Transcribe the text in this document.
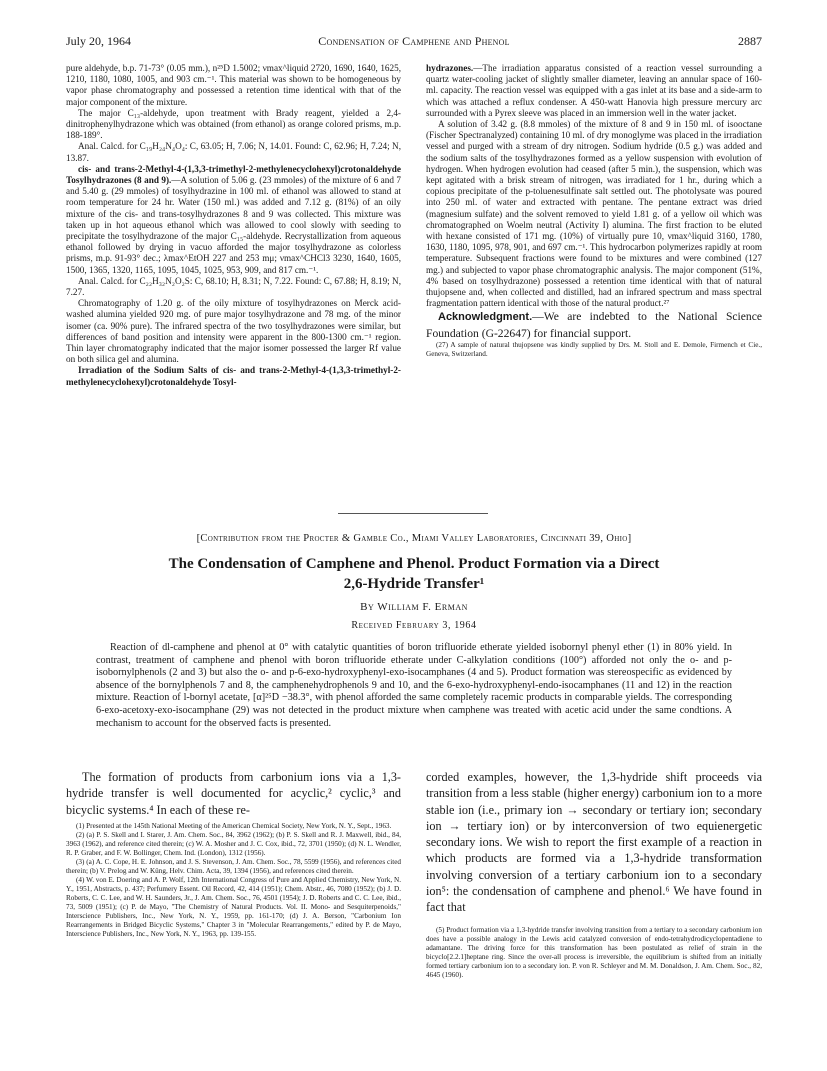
July 20, 1964	Condensation of Camphene and Phenol	2887

pure aldehyde, b.p. 71-73° (0.05 mm.), n²⁵D 1.5002; νmax^liquid 2720, 1690, 1640, 1625, 1210, 1180, 1080, 1005, and 903 cm.⁻¹. This material was shown to be homogeneous by vapor phase chromatography and possessed a retention time identical with that of the major component of the mixture.

The major C₁₃-aldehyde, upon treatment with Brady reagent, yielded a 2,4-dinitrophenylhydrazone which was obtained (from ethanol) as orange colored prisms, m.p. 188-189°.

Anal. Calcd. for C₁₉H₂₄N₄O₄: C, 63.05; H, 7.06; N, 14.01. Found: C, 62.96; H, 7.24; N, 13.87.

cis- and trans-2-Methyl-4-(1,3,3-trimethyl-2-methylenecyclohexyl)crotonaldehyde Tosylhydrazones (8 and 9).—A solution of 5.06 g. (23 mmoles) of the mixture of 6 and 7 and 5.40 g. (29 mmoles) of tosylhydrazine in 100 ml. of ethanol was allowed to stand at room temperature for 24 hr. Water (150 ml.) was added and 7.12 g. (81%) of an oily mixture of the cis- and trans-tosylhydrazones 8 and 9 was collected. This mixture was taken up in hot aqueous ethanol which was allowed to cool slowly with seeding to precipitate the tosylhydrazone of the major C₁₅-aldehyde. Recrystallization from aqueous ethanol followed by drying in vacuo afforded the major tosylhydrazone as colorless prisms, m.p. 91-93° dec.; λmax^EtOH 227 and 253 mμ; νmax^CHCl3 3230, 1640, 1605, 1500, 1365, 1320, 1165, 1095, 1045, 1025, 953, 909, and 817 cm.⁻¹.

Anal. Calcd. for C₂₂H₃₂N₂O₂S: C, 68.10; H, 8.31; N, 7.22. Found: C, 67.88; H, 8.19; N, 7.27.

Chromatography of 1.20 g. of the oily mixture of tosylhydrazones on Merck acid-washed alumina yielded 920 mg. of pure major tosylhydrazone and 78 mg. of the minor isomer (ca. 90% pure). The infrared spectra of the two tosylhydrazones were similar, but differences of band position and intensity were apparent in the 800-1300 cm.⁻¹ region. Thin layer chromatography indicated that the major isomer possessed the larger Rf value on both silica gel and alumina.

Irradiation of the Sodium Salts of cis- and trans-2-Methyl-4-(1,3,3-trimethyl-2-methylenecyclohexyl)crotonaldehyde Tosyl-

hydrazones.—The irradiation apparatus consisted of a reaction vessel surrounding a quartz water-cooling jacket of slightly smaller diameter, leaving an annular space of 160-ml. capacity. The reaction vessel was equipped with a gas inlet at its base and a side-arm to which was attached a reflux condenser. A 450-watt Hanovia high pressure mercury arc surrounded with a Pyrex sleeve was placed in an immersion well in the water jacket.

A solution of 3.42 g. (8.8 mmoles) of the mixture of 8 and 9 in 150 ml. of isooctane (Fischer Spectranalyzed) containing 10 ml. of dry monoglyme was placed in the irradiation vessel and purged with a stream of dry nitrogen. Sodium hydride (0.5 g.) was added and the sodium salts of the tosylhydrazones formed as a yellow suspension with evolution of hydrogen. When hydrogen evolution had ceased (after 5 min.), the suspension, which was kept agitated with a brisk stream of nitrogen, was irradiated for 1 hr., during which a copious precipitate of the p-toluenesulfinate salt settled out. The photolysate was poured into 250 ml. of water and extracted with pentane. The pentane extract was dried (magnesium sulfate) and the solvent removed to yield 1.81 g. of a yellow oil which was chromatographed on Woelm neutral (Activity I) alumina. The first fraction to be eluted with hexane consisted of 171 mg. (10%) of virtually pure 10, νmax^liquid 3160, 1780, 1630, 1180, 1095, 978, 901, and 697 cm.⁻¹. This hydrocarbon polymerizes rapidly at room temperature. Subsequent fractions were found to be mixtures and were combined (127 mg.) and subjected to vapor phase chromatographic analysis. The major component (51%, 4% based on tosylhydrazone) possessed a retention time identical with that of natural thujopsene and, when collected and distilled, had an infrared spectrum and mass spectral fragmentation pattern identical with those of the natural product.²⁷

Acknowledgment.—We are indebted to the National Science Foundation (G-22647) for financial support.

(27) A sample of natural thujopsene was kindly supplied by Drs. M. Stoll and E. Demole, Firmench et Cie., Geneva, Switzerland.

[Contribution from the Procter & Gamble Co., Miami Valley Laboratories, Cincinnati 39, Ohio]
The Condensation of Camphene and Phenol. Product Formation via a Direct
2,6-Hydride Transfer¹
By William F. Erman
Received February 3, 1964

Reaction of dl-camphene and phenol at 0° with catalytic quantities of boron trifluoride etherate yielded isobornyl phenyl ether (1) in 80% yield. In contrast, treatment of camphene and phenol with boron trifluoride etherate under C-alkylation conditions (100°) afforded not only the o- and p-isobornylphenols (2 and 3) but also the o- and p-6-exo-hydroxyphenyl-exo-isocamphanes (4 and 5). Product formation was stereospecific as evidenced by absence of the bornylphenols 7 and 8, the camphenehydrophenols 9 and 10, and the 6-exo-hydroxyphenyl-endo-isocamphanes (11 and 12) in the reaction mixture. Reaction of l-bornyl acetate, [α]²⁵D −38.3°, with phenol afforded the same completely racemic products in comparable yields. The corresponding 6-exo-acetoxy-exo-isocamphane (29) was not detected in the product mixture when camphene was treated with acetic acid under the same condtions. A mechanism to account for the observed facts is presented.

The formation of products from carbonium ions via a 1,3-hydride transfer is well documented for acyclic,² cyclic,³ and bicyclic systems.⁴ In each of these re-

(1) Presented at the 145th National Meeting of the American Chemical Society, New York, N. Y., Sept., 1963.

(2) (a) P. S. Skell and I. Starer, J. Am. Chem. Soc., 84, 3962 (1962); (b) P. S. Skell and R. J. Maxwell, ibid., 84, 3963 (1962), and reference cited therein; (c) W. A. Mosher and J. C. Cox, ibid., 72, 3701 (1950); (d) N. L. Wendler, R. P. Graber, and F. W. Bollinger, Chem. Ind. (London), 1312 (1956).

(3) (a) A. C. Cope, H. E. Johnson, and J. S. Stevenson, J. Am. Chem. Soc., 78, 5599 (1956), and references cited therein; (b) V. Prelog and W. Küng, Helv. Chim. Acta, 39, 1394 (1956), and references cited therein.

(4) W. von E. Doering and A. P. Wolf, 12th International Congress of Pure and Applied Chemistry, New York, N. Y., 1951, Abstracts, p. 437; Perfumery Essent. Oil Record, 42, 414 (1951); Chem. Abstr., 46, 7080 (1952); (b) J. D. Roberts, C. C. Lee, and W. H. Saunders, Jr., J. Am. Chem. Soc., 76, 4501 (1954); J. D. Roberts and C. C. Lee, ibid., 73, 5009 (1951); (c) P. de Mayo, "The Chemistry of Natural Products. Vol. II. Mono- and Sesquiterpenoids," Interscience Publishers, Inc., New York, N. Y., 1959, pp. 161-170; (d) J. A. Berson, "Carbonium Ion Rearrangements in Bridged Bicyclic Systems," Chapter 3 in "Molecular Rearrangements," edited by P. de Mayo, Interscience Publishers, Inc., New York, N. Y., 1963, pp. 139-155.

corded examples, however, the 1,3-hydride shift proceeds via transition from a less stable (higher energy) carbonium ion to a more stable ion (i.e., primary ion → secondary or tertiary ion; secondary ion → tertiary ion) or by interconversion of two equienergetic secondary ions. We wish to report the first example of a reaction in which products are formed via a 1,3-hydride transformation involving conversion of a tertiary carbonium ion to a secondary ion⁵: the condensation of camphene and phenol.⁶ We have found in fact that

(5) Product formation via a 1,3-hydride transfer involving transition from a tertiary to a secondary carbonium ion does have a possible analogy in the Lewis acid catalyzed conversion of endo-tetrahydrodicyclopentadiene to adamantane. The driving force for this transformation has been postulated as relief of strain in the bicyclo[2.2.1]heptane ring. Since the over-all process is irreversible, the equilibrium is shifted from an initially formed tertiary carbonium ion to a secondary ion. P. von R. Schleyer and M. M. Donaldson, J. Am. Chem. Soc., 82, 4645 (1960).
